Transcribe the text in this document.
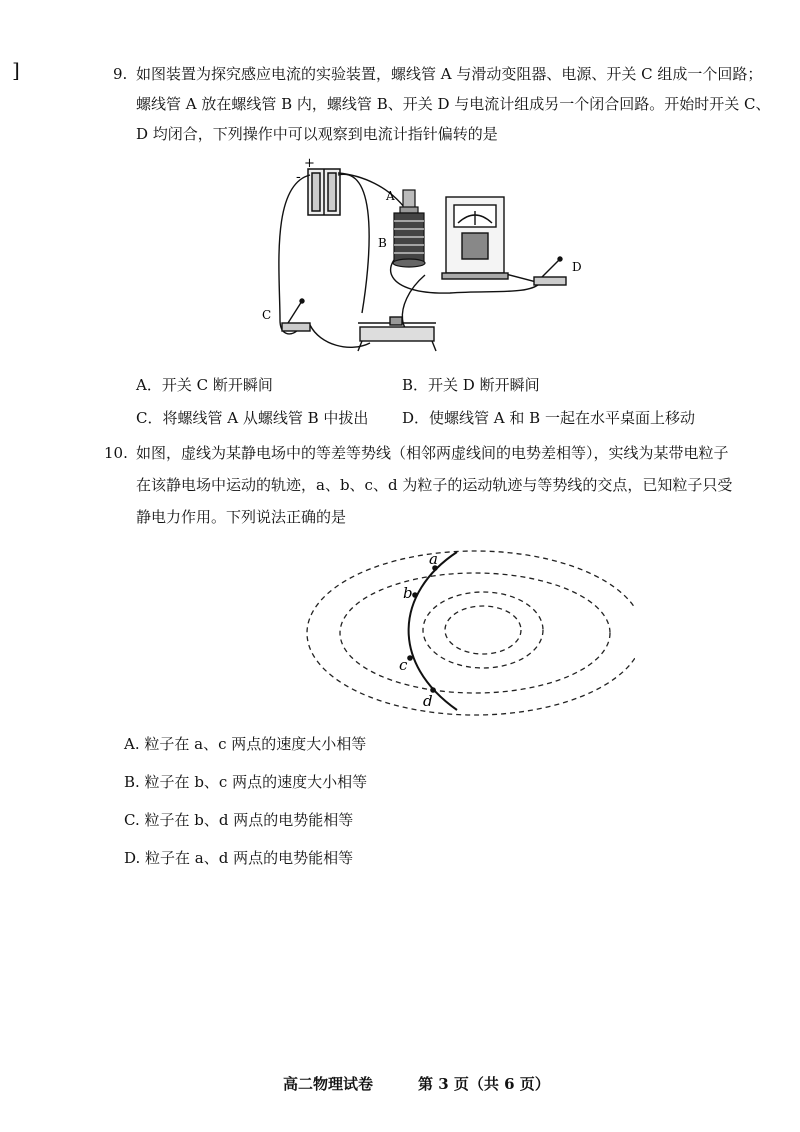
]	9. 如图装置为探究感应电流的实验装置，螺线管 A 与滑动变阻器、电源、开关 C 组成一个回路；
螺线管 A 放在螺线管 B 内，螺线管 B、开关 D 与电流计组成另一个闭合回路。开始时开关 C、
D 均闭合，下列操作中可以观察到电流计指针偏转的是
+
-
A
B
D
C
A．开关 C 断开瞬间	B．开关 D 断开瞬间
C．将螺线管 A 从螺线管 B 中拔出 D．使螺线管 A 和 B 一起在水平桌面上移动
10. 如图，虚线为某静电场中的等差等势线（相邻两虚线间的电势差相等），实线为某带电粒子
在该静电场中运动的轨迹，a、b、c、d 为粒子的运动轨迹与等势线的交点，已知粒子只受
静电力作用。下列说法正确的是
a
b
c
d
A. 粒子在 a、c 两点的速度大小相等
B. 粒子在 b、c 两点的速度大小相等
C. 粒子在 b、d 两点的电势能相等
D. 粒子在 a、d 两点的电势能相等
高二物理试卷	第 3 页（共 6 页）
